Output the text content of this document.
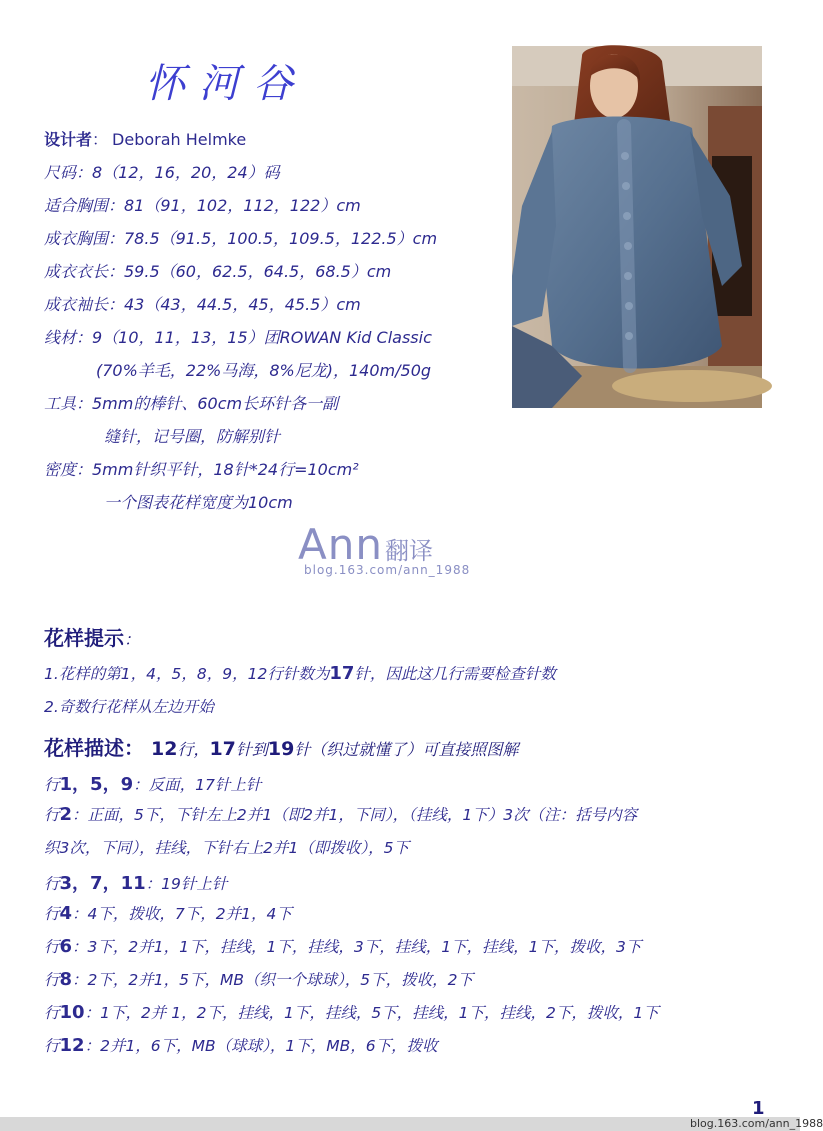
怀河谷
设计者： Deborah Helmke
尺码：8（12，16，20，24）码
适合胸围：81（91，102，112，122）cm
成衣胸围：78.5（91.5，100.5，109.5，122.5）cm
成衣衣长：59.5（60，62.5，64.5，68.5）cm
成衣袖长：43（43，44.5，45，45.5）cm
线材：9（10，11，13，15）团ROWAN Kid Classic
(70%羊毛，22%马海，8%尼龙)，140m/50g
工具：5mm的棒针、60cm长环针各一副
缝针，记号圈，防解别针
密度：5mm针织平针，18针*24行=10cm²
一个图表花样宽度为10cm
Ann翻译
blog.163.com/ann_1988
花样提示：
1.花样的第1，4，5，8，9，12行针数为17针，因此这几行需要检查针数
2.奇数行花样从左边开始
花样描述： 12行，17针到19针（织过就懂了）可直接照图解
行1，5，9：反面，17针上针
行2：正面，5下，下针左上2并1（即2并1，下同），（挂线，1下）3次（注：括号内容
织3次，下同），挂线，下针右上2并1（即拨收），5下
行3，7，11：19针上针
行4：4下，拨收，7下，2并1，4下
行6：3下，2并1，1下，挂线，1下，挂线，3下，挂线，1下，挂线，1下，拨收，3下
行8：2下，2并1，5下，MB（织一个球球），5下，拨收，2下
行10：1下，2并 1，2下，挂线，1下，挂线，5下，挂线，1下，挂线，2下，拨收，1下
行12：2并1，6下，MB（球球），1下，MB，6下，拨收
1
blog.163.com/ann_1988
